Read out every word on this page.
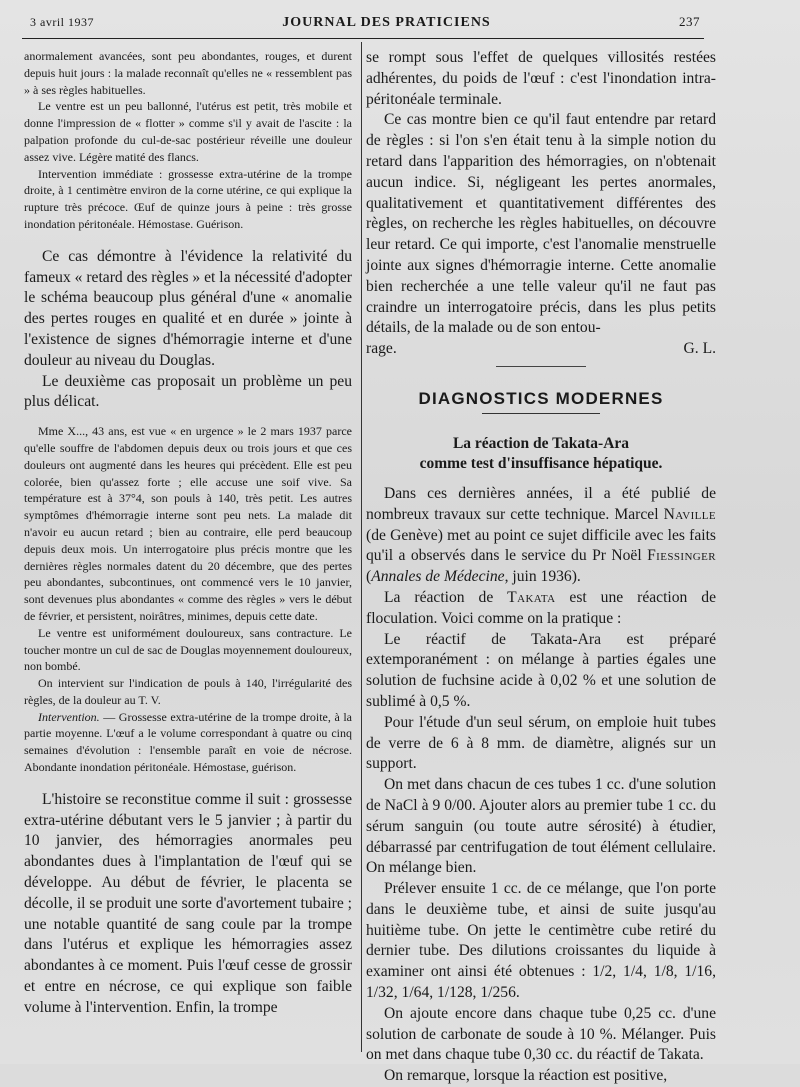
3 avril 1937	JOURNAL DES PRATICIENS	237

anormalement avancées, sont peu abondantes, rouges, et durent depuis huit jours : la malade reconnaît qu'elles ne « ressemblent pas » à ses règles habituelles.

Le ventre est un peu ballonné, l'utérus est petit, très mobile et donne l'impression de « flotter » comme s'il y avait de l'ascite : la palpation profonde du cul-de-sac postérieur réveille une douleur assez vive. Légère matité des flancs.

Intervention immédiate : grossesse extra-utérine de la trompe droite, à 1 centimètre environ de la corne utérine, ce qui explique la rupture très précoce. Œuf de quinze jours à peine : très grosse inondation péritonéale. Hémostase. Guérison.

Ce cas démontre à l'évidence la relativité du fameux « retard des règles » et la nécessité d'adopter le schéma beaucoup plus général d'une « anomalie des pertes rouges en qualité et en durée » jointe à l'existence de signes d'hémorragie interne et d'une douleur au niveau du Douglas.

Le deuxième cas proposait un problème un peu plus délicat.

Mme X..., 43 ans, est vue « en urgence » le 2 mars 1937 parce qu'elle souffre de l'abdomen depuis deux ou trois jours et que ces douleurs ont augmenté dans les heures qui précèdent. Elle est peu colorée, bien qu'assez forte ; elle accuse une soif vive. Sa température est à 37°4, son pouls à 140, très petit. Les autres symptômes d'hémorragie interne sont peu nets. La malade dit n'avoir eu aucun retard ; bien au contraire, elle perd beaucoup depuis deux mois. Un interrogatoire plus précis montre que les dernières règles normales datent du 20 décembre, que des pertes peu abondantes, subcontinues, ont commencé vers le 10 janvier, sont devenues plus abondantes « comme des règles » vers le début de février, et persistent, noirâtres, minimes, depuis cette date.

Le ventre est uniformément douloureux, sans contracture. Le toucher montre un cul de sac de Douglas moyennement douloureux, non bombé.

On intervient sur l'indication de pouls à 140, l'irrégularité des règles, de la douleur au T. V.

Intervention. — Grossesse extra-utérine de la trompe droite, à la partie moyenne. L'œuf a le volume correspondant à quatre ou cinq semaines d'évolution : l'ensemble paraît en voie de nécrose. Abondante inondation péritonéale. Hémostase, guérison.

L'histoire se reconstitue comme il suit : grossesse extra-utérine débutant vers le 5 janvier ; à partir du 10 janvier, des hémorragies anormales peu abondantes dues à l'implantation de l'œuf qui se développe. Au début de février, le placenta se décolle, il se produit une sorte d'avortement tubaire ; une notable quantité de sang coule par la trompe dans l'utérus et explique les hémorragies assez abondantes à ce moment. Puis l'œuf cesse de grossir et entre en nécrose, ce qui explique son faible volume à l'intervention. Enfin, la trompe

se rompt sous l'effet de quelques villosités restées adhérentes, du poids de l'œuf : c'est l'inondation intra-péritonéale terminale.

Ce cas montre bien ce qu'il faut entendre par retard de règles : si l'on s'en était tenu à la simple notion du retard dans l'apparition des hémorragies, on n'obtenait aucun indice. Si, négligeant les pertes anormales, qualitativement et quantitativement différentes des règles, on recherche les règles habituelles, on découvre leur retard. Ce qui importe, c'est l'anomalie menstruelle jointe aux signes d'hémorragie interne. Cette anomalie bien recherchée a une telle valeur qu'il ne faut pas craindre un interrogatoire précis, dans les plus petits détails, de la malade ou de son entou-

rage.	G. L.

DIAGNOSTICS MODERNES
La réaction de Takata-Ara
comme test d'insuffisance hépatique.

Dans ces dernières années, il a été publié de nombreux travaux sur cette technique. Marcel Naville (de Genève) met au point ce sujet difficile avec les faits qu'il a observés dans le service du Pr Noël Fiessinger (Annales de Médecine, juin 1936).

La réaction de Takata est une réaction de floculation. Voici comme on la pratique :

Le réactif de Takata-Ara est préparé extemporanément : on mélange à parties égales une solution de fuchsine acide à 0,02 % et une solution de sublimé à 0,5 %.

Pour l'étude d'un seul sérum, on emploie huit tubes de verre de 6 à 8 mm. de diamètre, alignés sur un support.

On met dans chacun de ces tubes 1 cc. d'une solution de NaCl à 9 0/00. Ajouter alors au premier tube 1 cc. du sérum sanguin (ou toute autre sérosité) à étudier, débarrassé par centrifugation de tout élément cellulaire. On mélange bien.

Prélever ensuite 1 cc. de ce mélange, que l'on porte dans le deuxième tube, et ainsi de suite jusqu'au huitième tube. On jette le centimètre cube retiré du dernier tube. Des dilutions croissantes du liquide à examiner ont ainsi été obtenues : 1/2, 1/4, 1/8, 1/16, 1/32, 1/64, 1/128, 1/256.

On ajoute encore dans chaque tube 0,25 cc. d'une solution de carbonate de soude à 10 %. Mélanger. Puis on met dans chaque tube 0,30 cc. du réactif de Takata.

On remarque, lorsque la réaction est positive,
